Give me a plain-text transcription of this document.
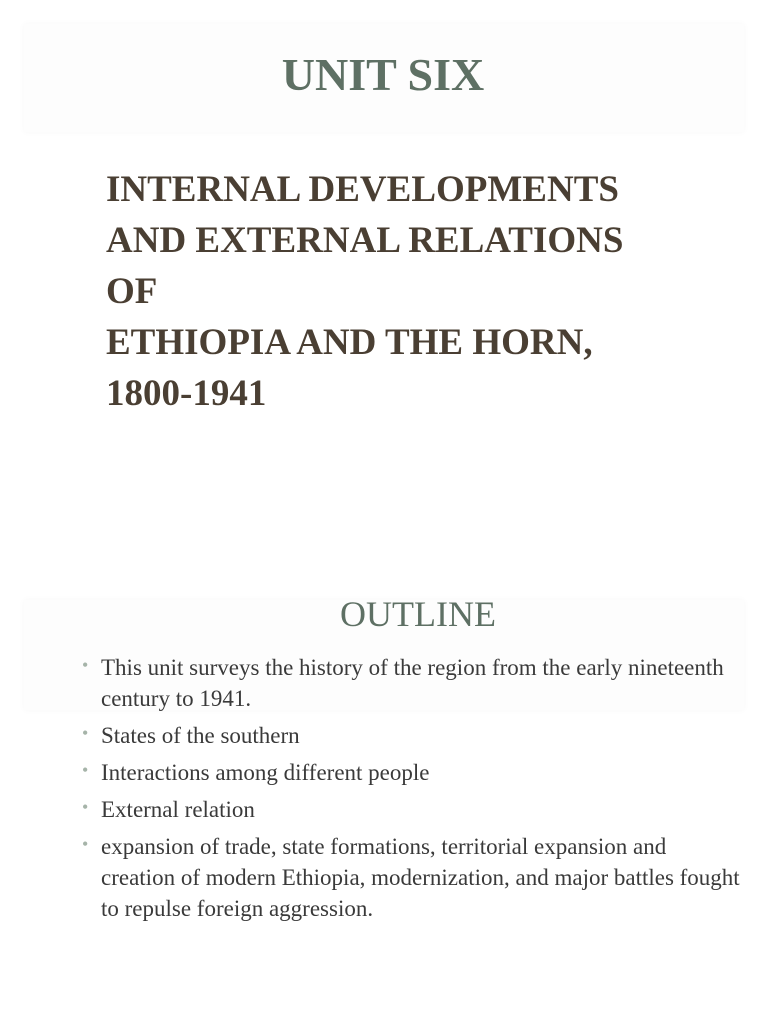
UNIT SIX
INTERNAL DEVELOPMENTS
AND EXTERNAL RELATIONS
OF
ETHIOPIA AND THE HORN,
1800-1941
OUTLINE
• This unit surveys the history of the region from the early nineteenth century to 1941.
• States of the southern
• Interactions among different people
• External relation
• expansion of trade, state formations, territorial expansion and creation of modern Ethiopia, modernization, and major battles fought to repulse foreign aggression.
